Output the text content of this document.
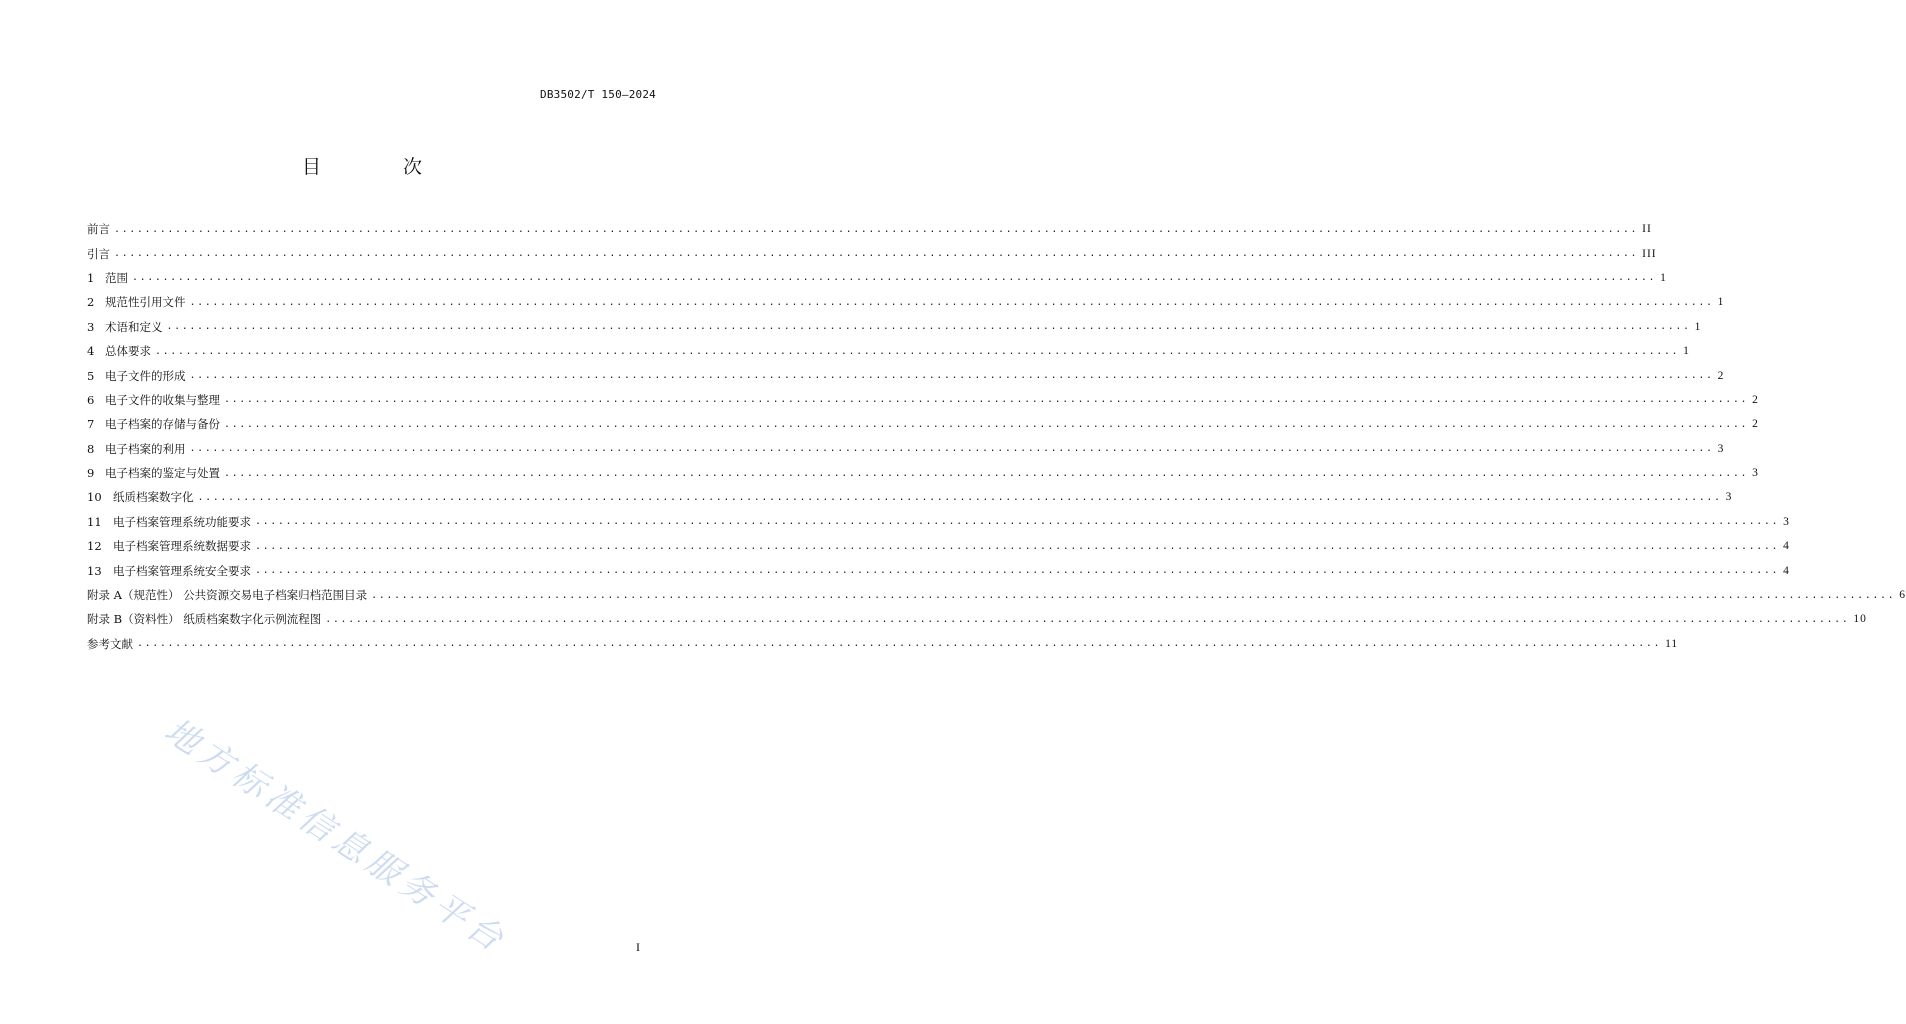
DB3502/T 150—2024
目 次
前言 ........................................................................................................................................................................................................ II
引言 ........................................................................................................................................................................................................ III
1 范围 ........................................................................................................................................................................................................ 1
2 规范性引用文件 ........................................................................................................................................................................................................ 1
3 术语和定义 ........................................................................................................................................................................................................ 1
4 总体要求 ........................................................................................................................................................................................................ 1
5 电子文件的形成 ........................................................................................................................................................................................................ 2
6 电子文件的收集与整理 ........................................................................................................................................................................................................ 2
7 电子档案的存储与备份 ........................................................................................................................................................................................................ 2
8 电子档案的利用 ........................................................................................................................................................................................................ 3
9 电子档案的鉴定与处置 ........................................................................................................................................................................................................ 3
10 纸质档案数字化 ........................................................................................................................................................................................................ 3
11 电子档案管理系统功能要求 ........................................................................................................................................................................................................ 3
12 电子档案管理系统数据要求 ........................................................................................................................................................................................................ 4
13 电子档案管理系统安全要求 ........................................................................................................................................................................................................ 4
附录 A（规范性） 公共资源交易电子档案归档范围目录 ........................................................................................................................................................................................................ 6
附录 B（资料性） 纸质档案数字化示例流程图 ........................................................................................................................................................................................................ 10
参考文献 ........................................................................................................................................................................................................ 11
地方标准信息服务平台	I
